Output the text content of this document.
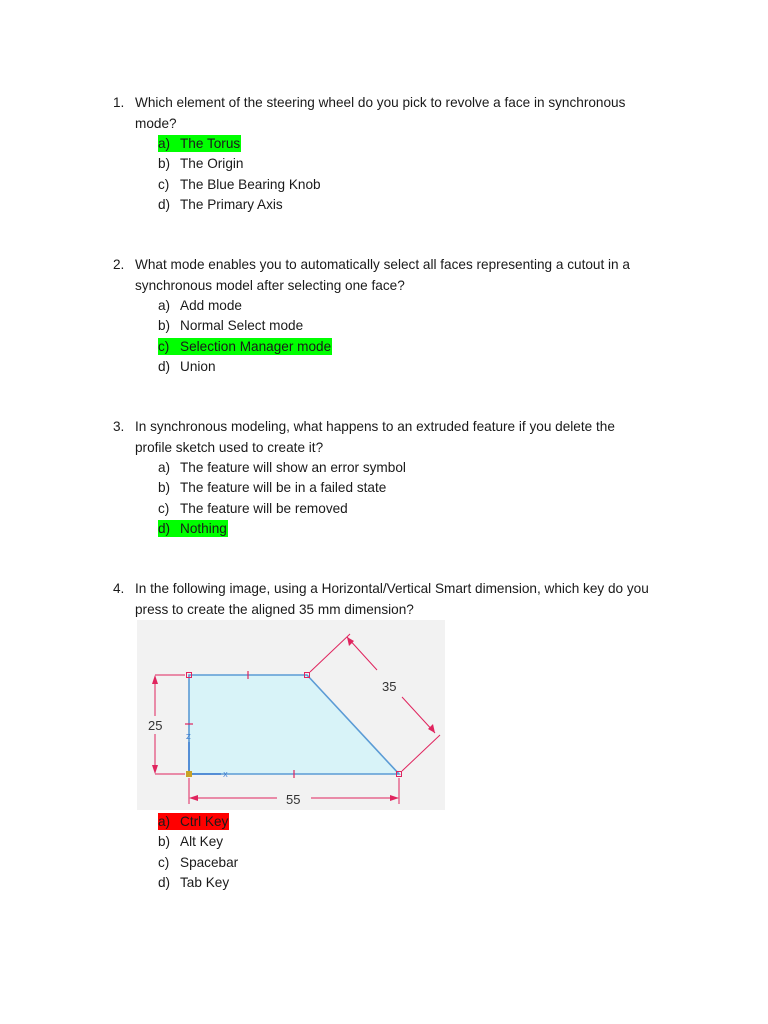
1. Which element of the steering wheel do you pick to revolve a face in synchronous mode?
a) The Torus
b) The Origin
c) The Blue Bearing Knob
d) The Primary Axis
2. What mode enables you to automatically select all faces representing a cutout in a synchronous model after selecting one face?
a) Add mode
b) Normal Select mode
c) Selection Manager mode
d) Union
3. In synchronous modeling, what happens to an extruded feature if you delete the profile sketch used to create it?
a) The feature will show an error symbol
b) The feature will be in a failed state
c) The feature will be removed
d) Nothing
4. In the following image, using a Horizontal/Vertical Smart dimension, which key do you press to create the aligned 35 mm dimension?
25
55
35
Z
X
a) Ctrl Key
b) Alt Key
c) Spacebar
d) Tab Key
